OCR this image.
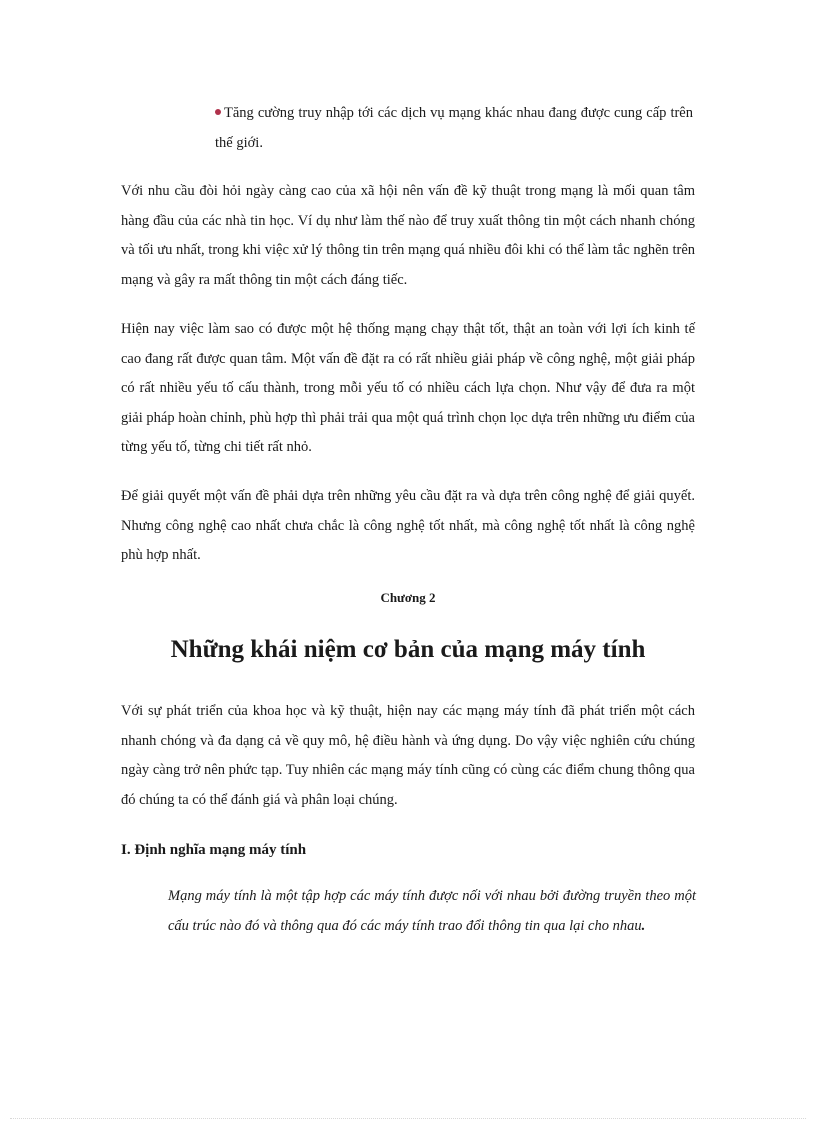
Tăng cường truy nhập tới các dịch vụ mạng khác nhau đang được cung cấp trên thế giới.

Với nhu cầu đòi hỏi ngày càng cao của xã hội nên vấn đề kỹ thuật trong mạng là mối quan tâm hàng đầu của các nhà tin học. Ví dụ như làm thế nào để truy xuất thông tin một cách nhanh chóng và tối ưu nhất, trong khi việc xử lý thông tin trên mạng quá nhiều đôi khi có thể làm tắc nghẽn trên mạng và gây ra mất thông tin một cách đáng tiếc.

Hiện nay việc làm sao có được một hệ thống mạng chạy thật tốt, thật an toàn với lợi ích kinh tế cao đang rất được quan tâm. Một vấn đề đặt ra có rất nhiều giải pháp về công nghệ, một giải pháp có rất nhiều yếu tố cấu thành, trong mỗi yếu tố có nhiều cách lựa chọn. Như vậy để đưa ra một giải pháp hoàn chỉnh, phù hợp thì phải trải qua một quá trình chọn lọc dựa trên những ưu điểm của từng yếu tố, từng chi tiết rất nhỏ.

Để giải quyết một vấn đề phải dựa trên những yêu cầu đặt ra và dựa trên công nghệ để giải quyết. Nhưng công nghệ cao nhất chưa chắc là công nghệ tốt nhất, mà công nghệ tốt nhất là công nghệ phù hợp nhất.

Chương 2
Những khái niệm cơ bản của mạng máy tính

Với sự phát triển của khoa học và kỹ thuật, hiện nay các mạng máy tính đã phát triển một cách nhanh chóng và đa dạng cả về quy mô, hệ điều hành và ứng dụng. Do vậy việc nghiên cứu chúng ngày càng trở nên phức tạp. Tuy nhiên các mạng máy tính cũng có cùng các điểm chung thông qua đó chúng ta có thể đánh giá và phân loại chúng.

I. Định nghĩa mạng máy tính

Mạng máy tính là một tập hợp các máy tính được nối với nhau bởi đường truyền theo một cấu trúc nào đó và thông qua đó các máy tính trao đổi thông tin qua lại cho nhau.
